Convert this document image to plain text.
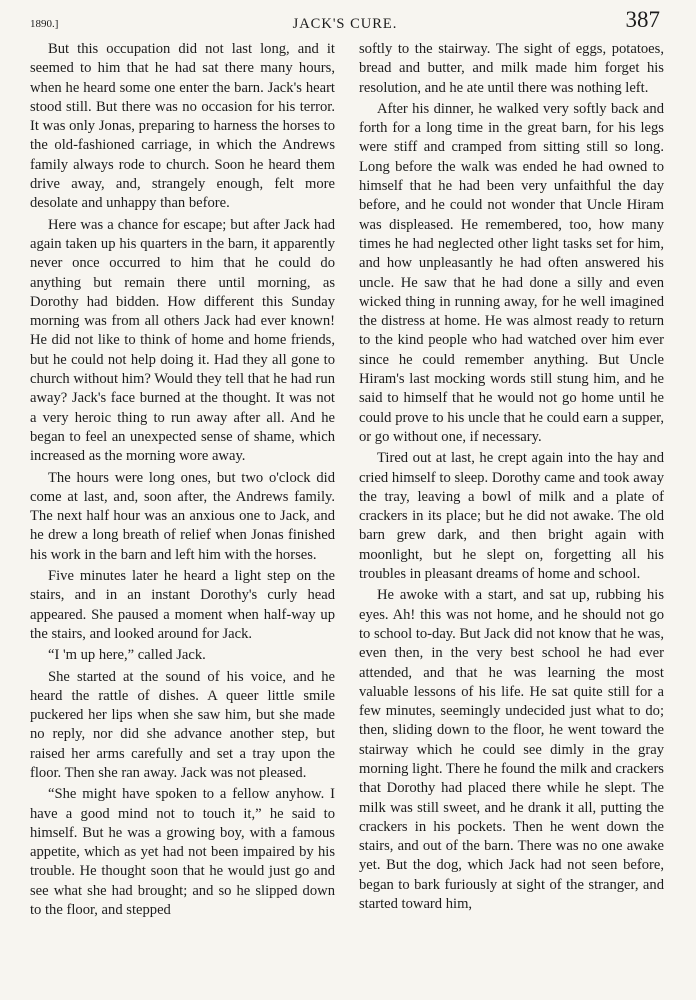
1890.]	JACK'S CURE.	387

But this occupation did not last long, and it seemed to him that he had sat there many hours, when he heard some one enter the barn. Jack's heart stood still. But there was no occasion for his terror. It was only Jonas, preparing to harness the horses to the old-fashioned carriage, in which the Andrews family always rode to church. Soon he heard them drive away, and, strangely enough, felt more desolate and unhappy than before.

Here was a chance for escape; but after Jack had again taken up his quarters in the barn, it apparently never once occurred to him that he could do anything but remain there until morning, as Dorothy had bidden. How different this Sunday morning was from all others Jack had ever known! He did not like to think of home and home friends, but he could not help doing it. Had they all gone to church without him? Would they tell that he had run away? Jack's face burned at the thought. It was not a very heroic thing to run away after all. And he began to feel an unexpected sense of shame, which increased as the morning wore away.

The hours were long ones, but two o'clock did come at last, and, soon after, the Andrews family. The next half hour was an anxious one to Jack, and he drew a long breath of relief when Jonas finished his work in the barn and left him with the horses.

Five minutes later he heard a light step on the stairs, and in an instant Dorothy's curly head appeared. She paused a moment when half-way up the stairs, and looked around for Jack.

“I 'm up here,” called Jack.

She started at the sound of his voice, and he heard the rattle of dishes. A queer little smile puckered her lips when she saw him, but she made no reply, nor did she advance another step, but raised her arms carefully and set a tray upon the floor. Then she ran away. Jack was not pleased.

“She might have spoken to a fellow anyhow. I have a good mind not to touch it,” he said to himself. But he was a growing boy, with a famous appetite, which as yet had not been impaired by his trouble. He thought soon that he would just go and see what she had brought; and so he slipped down to the floor, and stepped

softly to the stairway. The sight of eggs, potatoes, bread and butter, and milk made him forget his resolution, and he ate until there was nothing left.

After his dinner, he walked very softly back and forth for a long time in the great barn, for his legs were stiff and cramped from sitting still so long. Long before the walk was ended he had owned to himself that he had been very unfaithful the day before, and he could not wonder that Uncle Hiram was displeased. He remembered, too, how many times he had neglected other light tasks set for him, and how unpleasantly he had often answered his uncle. He saw that he had done a silly and even wicked thing in running away, for he well imagined the distress at home. He was almost ready to return to the kind people who had watched over him ever since he could remember anything. But Uncle Hiram's last mocking words still stung him, and he said to himself that he would not go home until he could prove to his uncle that he could earn a supper, or go without one, if necessary.

Tired out at last, he crept again into the hay and cried himself to sleep. Dorothy came and took away the tray, leaving a bowl of milk and a plate of crackers in its place; but he did not awake. The old barn grew dark, and then bright again with moonlight, but he slept on, forgetting all his troubles in pleasant dreams of home and school.

He awoke with a start, and sat up, rubbing his eyes. Ah! this was not home, and he should not go to school to-day. But Jack did not know that he was, even then, in the very best school he had ever attended, and that he was learning the most valuable lessons of his life. He sat quite still for a few minutes, seemingly undecided just what to do; then, sliding down to the floor, he went toward the stairway which he could see dimly in the gray morning light. There he found the milk and crackers that Dorothy had placed there while he slept. The milk was still sweet, and he drank it all, putting the crackers in his pockets. Then he went down the stairs, and out of the barn. There was no one awake yet. But the dog, which Jack had not seen before, began to bark furiously at sight of the stranger, and started toward him,
